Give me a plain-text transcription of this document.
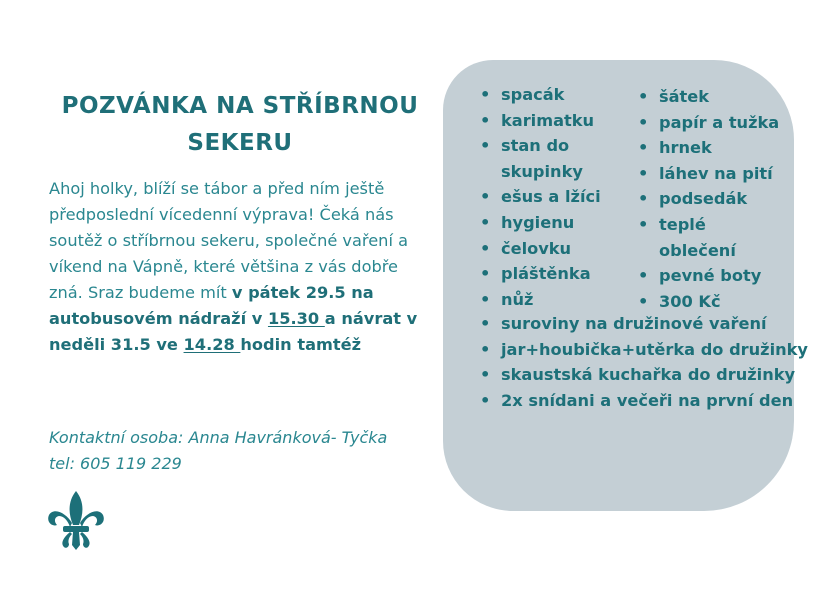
POZVÁNKA NA STŘÍBRNOU
SEKERU

Ahoj holky, blíží se tábor a před ním ještě předposlední vícedenní výprava! Čeká nás soutěž o stříbrnou sekeru, společné vaření a víkend na Vápně, které většina z vás dobře zná. Sraz budeme mít v pátek 29.5 na autobusovém nádraží v 15.30 a návrat v neděli 31.5 ve 14.28 hodin tamtéž

Kontaktní osoba: Anna Havránková- Tyčka
tel: 605 119 229

• spacák
• karimatku
• stan do skupinky
• ešus a lžíci
• hygienu
• čelovku
• pláštěnka
• nůž
• šátek
• papír a tužka
• hrnek
• láhev na pití
• podsedák
• teplé oblečení
• pevné boty
• 300 Kč
• suroviny na družinové vaření
• jar+houbička+utěrka do družinky
• skaustská kuchařka do družinky
• 2x snídani a večeři na první den
